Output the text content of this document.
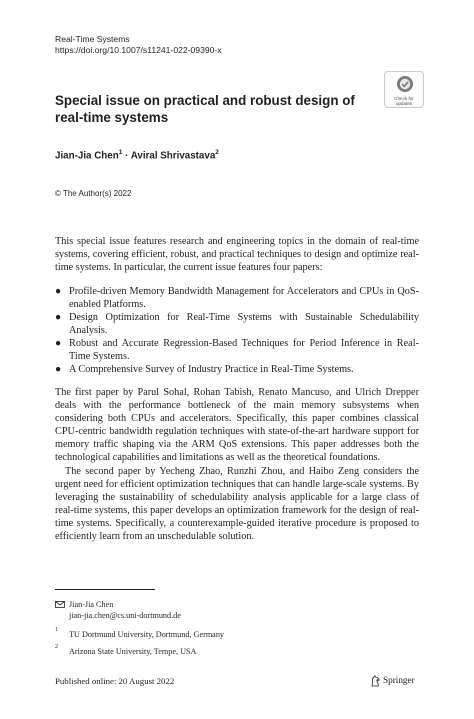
Real-Time Systems
https://doi.org/10.1007/s11241-022-09390-x
Check for
updates
Special issue on practical and robust design of real-time systems
Jian-Jia Chen$^1$ · Aviral Shrivastava$^2$
© The Author(s) 2022

This special issue features research and engineering topics in the domain of real-time systems, covering efficient, robust, and practical techniques to design and optimize real-time systems. In particular, the current issue features four papers:

● Profile-driven Memory Bandwidth Management for Accelerators and CPUs in QoS-enabled Platforms.
● Design Optimization for Real-Time Systems with Sustainable Schedulability Analysis.
● Robust and Accurate Regression-Based Techniques for Period Inference in Real-Time Systems.
● A Comprehensive Survey of Industry Practice in Real-Time Systems.

The first paper by Parul Sohal, Rohan Tabish, Renato Mancuso, and Ulrich Drepper deals with the performance bottleneck of the main memory subsystems when considering both CPUs and accelerators. Specifically, this paper combines classical CPU-centric bandwidth regulation techniques with state-of-the-art hardware support for memory traffic shaping via the ARM QoS extensions. This paper addresses both the technological capabilities and limitations as well as the theoretical foundations.

The second paper by Yecheng Zhao, Runzhi Zhou, and Haibo Zeng considers the urgent need for efficient optimization techniques that can handle large-scale systems. By leveraging the sustainability of schedulability analysis applicable for a large class of real-time systems, this paper develops an optimization framework for the design of real-time systems. Specifically, a counterexample-guided iterative procedure is proposed to efficiently learn from an unschedulable solution.

Jian-Jia Chen
jian-jia.chen@cs.uni-dortmund.de
1 TU Dortmund University, Dortmund, Germany
2 Arizona State University, Tempe, USA
Published online: 20 August 2022	Springer
